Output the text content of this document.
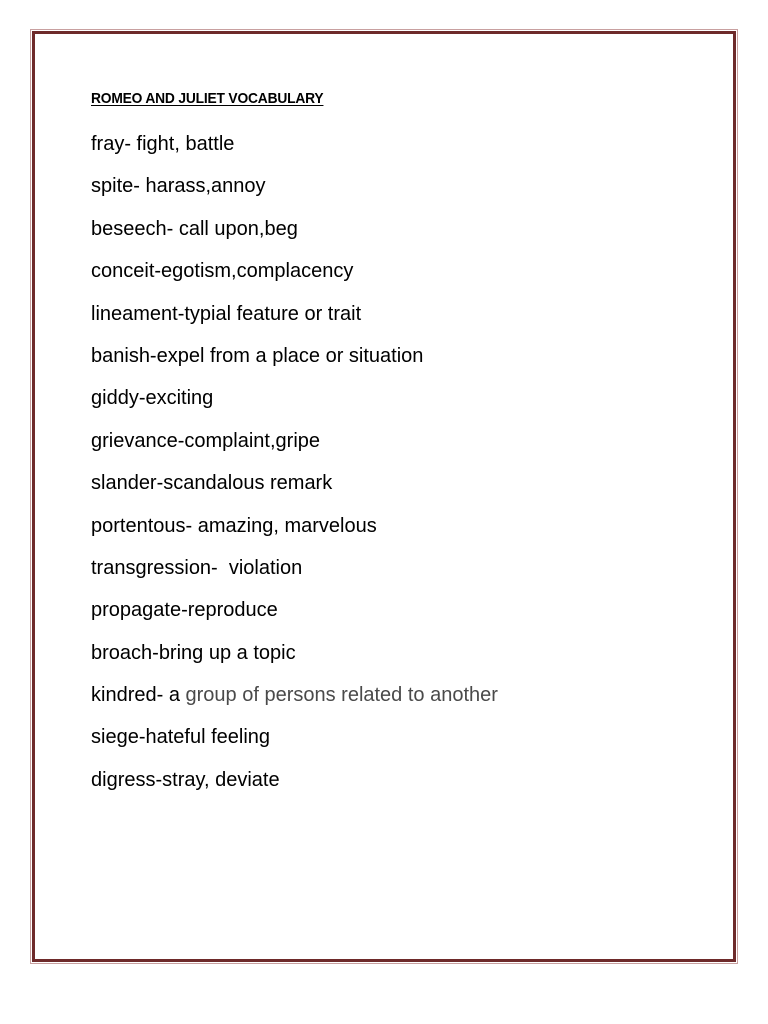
ROMEO AND JULIET VOCABULARY
fray- fight, battle
spite- harass,annoy
beseech- call upon,beg
conceit-egotism,complacency
lineament-typial feature or trait
banish-expel from a place or situation
giddy-exciting
grievance-complaint,gripe
slander-scandalous remark
portentous- amazing, marvelous
transgression-  violation
propagate-reproduce
broach-bring up a topic
kindred- a group of persons related to another
siege-hateful feeling
digress-stray, deviate
